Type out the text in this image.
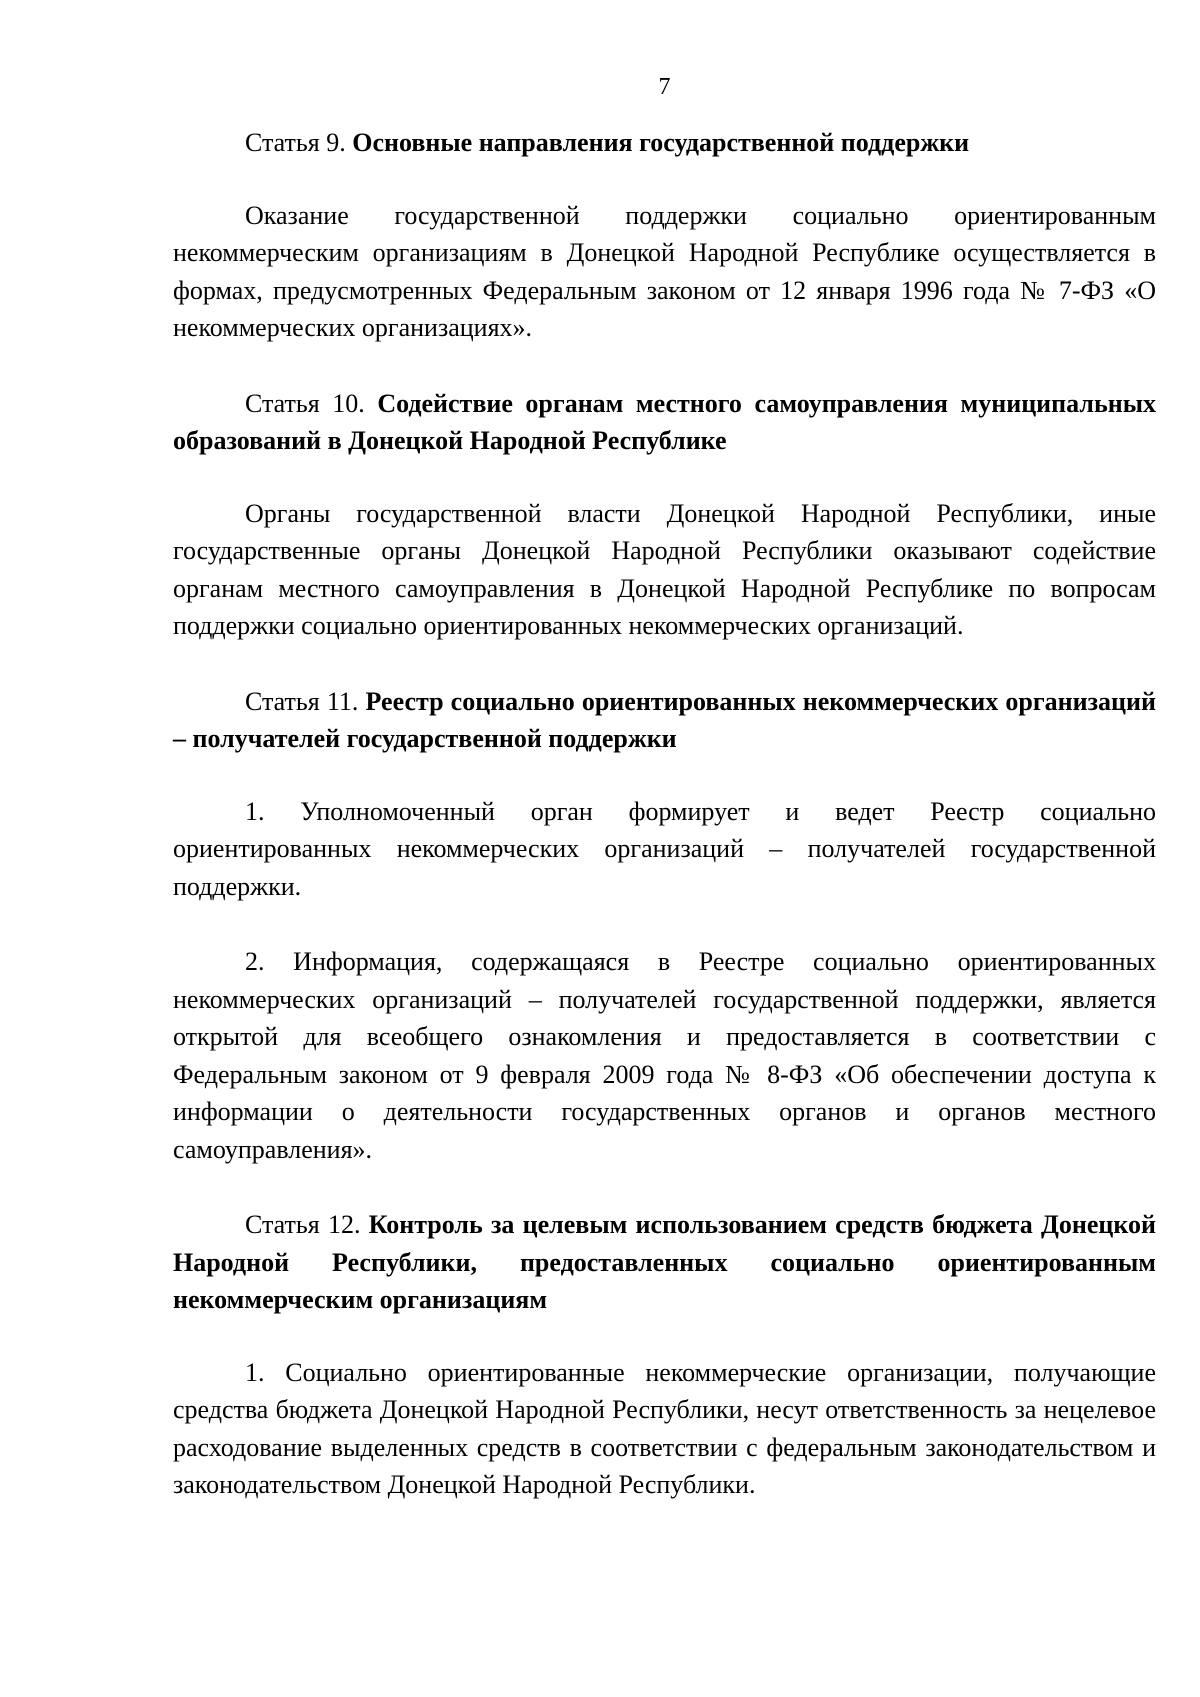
7

Статья 9. Основные направления государственной поддержки

Оказание государственной поддержки социально ориентированным некоммерческим организациям в Донецкой Народной Республике осуществляется в формах, предусмотренных Федеральным законом от 12 января 1996 года № 7-ФЗ «О некоммерческих организациях».

Статья 10. Содействие органам местного самоуправления муниципальных образований в Донецкой Народной Республике

Органы государственной власти Донецкой Народной Республики, иные государственные органы Донецкой Народной Республики оказывают содействие органам местного самоуправления в Донецкой Народной Республике по вопросам поддержки социально ориентированных некоммерческих организаций.

Статья 11. Реестр социально ориентированных некоммерческих организаций – получателей государственной поддержки

1. Уполномоченный орган формирует и ведет Реестр социально ориентированных некоммерческих организаций – получателей государственной поддержки.

2. Информация, содержащаяся в Реестре социально ориентированных некоммерческих организаций – получателей государственной поддержки, является открытой для всеобщего ознакомления и предоставляется в соответствии с Федеральным законом от 9 февраля 2009 года № 8-ФЗ «Об обеспечении доступа к информации о деятельности государственных органов и органов местного самоуправления».

Статья 12. Контроль за целевым использованием средств бюджета Донецкой Народной Республики, предоставленных социально ориентированным некоммерческим организациям

1. Социально ориентированные некоммерческие организации, получающие средства бюджета Донецкой Народной Республики, несут ответственность за нецелевое расходование выделенных средств в соответствии с федеральным законодательством и законодательством Донецкой Народной Республики.
